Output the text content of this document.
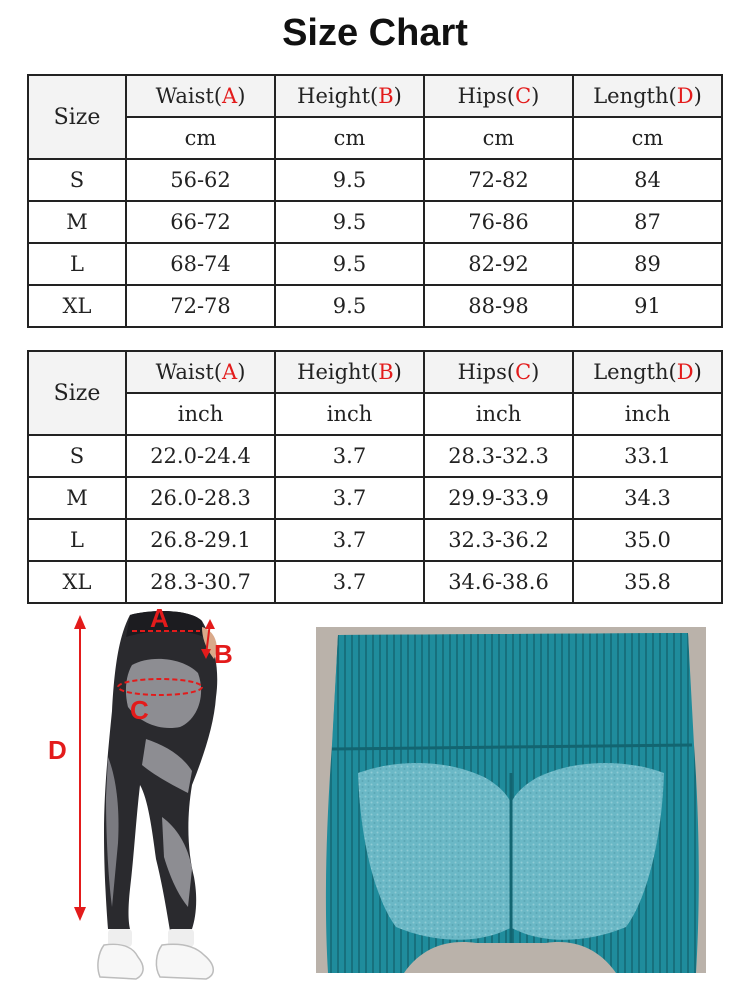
Size Chart
Size	Waist(A)	Height(B)	Hips(C)	Length(D)
	cm	cm	cm	cm
S	56-62	9.5	72-82	84
M	66-72	9.5	76-86	87
L	68-74	9.5	82-92	89
XL	72-78	9.5	88-98	91
Size	Waist(A)	Height(B)	Hips(C)	Length(D)
	inch	inch	inch	inch
S	22.0-24.4	3.7	28.3-32.3	33.1
M	26.0-28.3	3.7	29.9-33.9	34.3
L	26.8-29.1	3.7	32.3-36.2	35.0
XL	28.3-30.7	3.7	34.6-38.6	35.8
A
B
C
D
